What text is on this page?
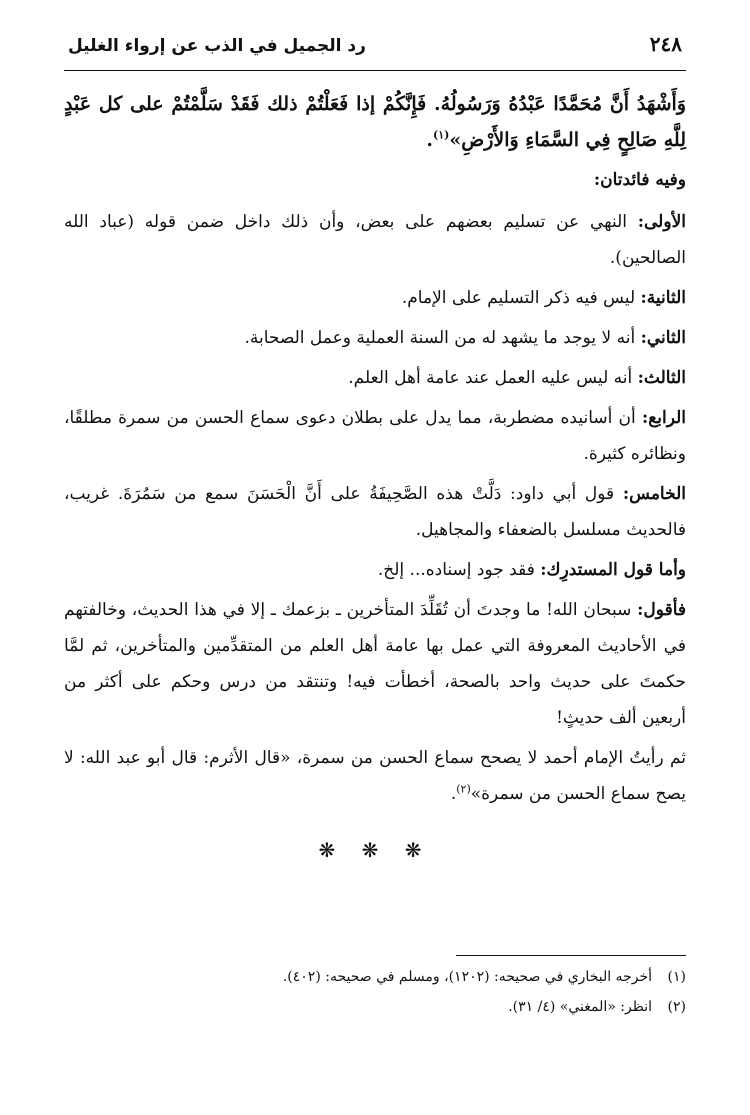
٢٤٨
رد الجميل في الذب عن إرواء الغليل

وَأَشْهَدُ أَنَّ مُحَمَّدًا عَبْدُهُ وَرَسُولُهُ. فَإِنَّكُمْ إذا فَعَلْتُمْ ذلك فَقَدْ سَلَّمْتُمْ على كل عَبْدٍ لِلَّهِ صَالِحٍ فِي السَّمَاءِ وَالأَرْضِ»$^{(١)}$.

وفيه فائدتان:

الأولى: النهي عن تسليم بعضهم على بعض، وأن ذلك داخل ضمن قوله (عباد الله الصالحين).

الثانية: ليس فيه ذكر التسليم على الإمام.

الثاني: أنه لا يوجد ما يشهد له من السنة العملية وعمل الصحابة.

الثالث: أنه ليس عليه العمل عند عامة أهل العلم.

الرابع: أن أسانيده مضطربة، مما يدل على بطلان دعوى سماع الحسن من سمرة مطلقًا، ونظائره كثيرة.

الخامس: قول أبي داود: دَلَّتْ هذه الصَّحِيفَةُ على أَنَّ الْحَسَنَ سمع من سَمُرَةَ. غريب، فالحديث مسلسل بالضعفاء والمجاهيل.

وأما قول المستدرِك: فقد جود إسناده... إلخ.

فأقول: سبحان الله! ما وجدتَ أن تُقَلِّدَ المتأخرين ـ بزعمك ـ إلا في هذا الحديث، وخالفتهم في الأحاديث المعروفة التي عمل بها عامة أهل العلم من المتقدِّمين والمتأخرين، ثم لمَّا حكمتَ على حديث واحد بالصحة، أخطأت فيه! وتنتقد من درس وحكم على أكثر من أربعين ألف حديثٍ!

ثم رأيتُ الإمام أحمد لا يصحح سماع الحسن من سمرة، «قال الأثرم: قال أبو عبد الله: لا يصح سماع الحسن من سمرة»$^{(٢)}$.

❋ ❋ ❋

(١)أخرجه البخاري في صحيحه: (١٢٠٢)، ومسلم في صحيحه: (٤٠٢).

(٢)انظر: «المغني» (٤/ ٣١).
